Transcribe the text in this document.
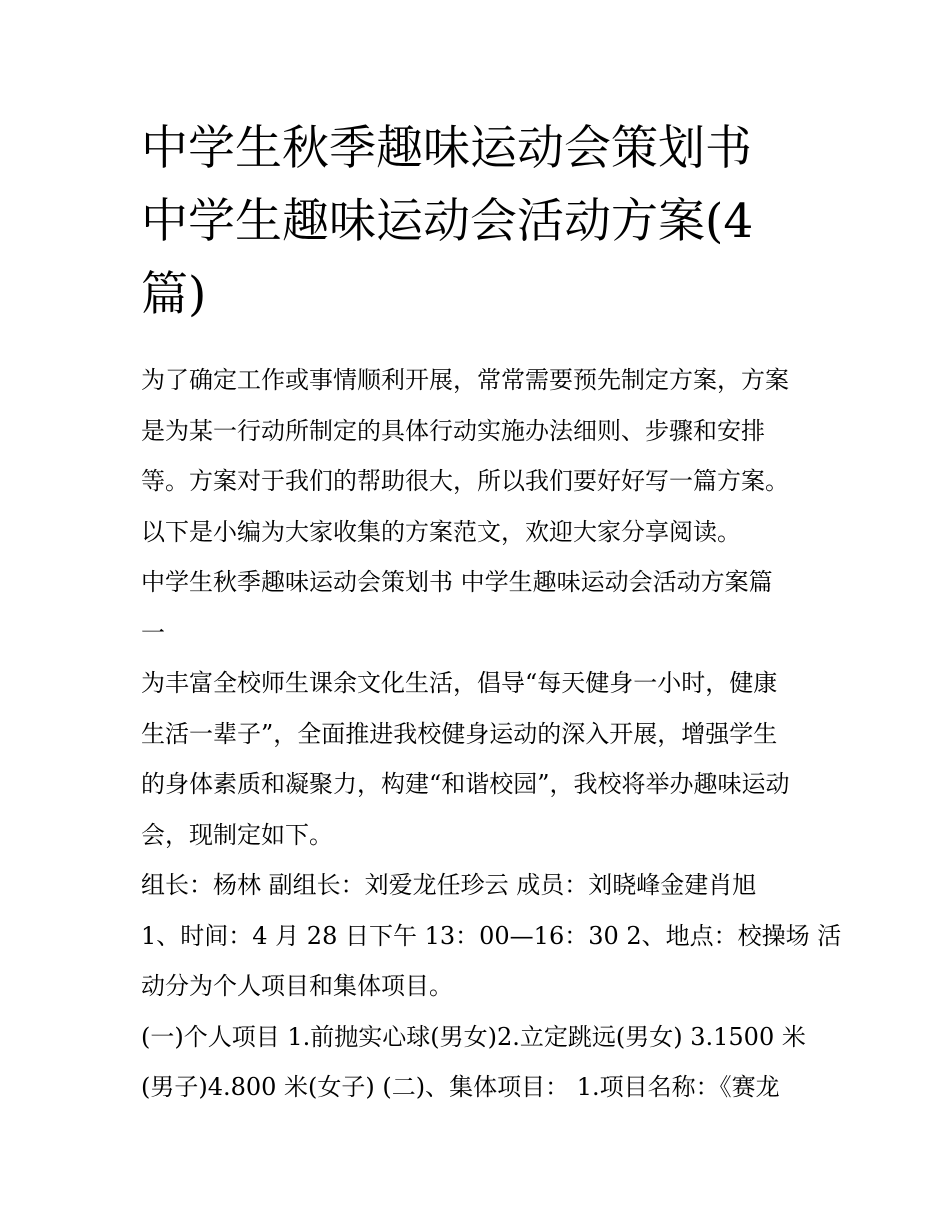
中学生秋季趣味运动会策划书
中学生趣味运动会活动方案(4
篇)
为了确定工作或事情顺利开展，常常需要预先制定方案，方案
是为某一行动所制定的具体行动实施办法细则、步骤和安排
等。方案对于我们的帮助很大，所以我们要好好写一篇方案。
以下是小编为大家收集的方案范文，欢迎大家分享阅读。
中学生秋季趣味运动会策划书 中学生趣味运动会活动方案篇
一
为丰富全校师生课余文化生活，倡导“每天健身一小时，健康
生活一辈子”，全面推进我校健身运动的深入开展，增强学生
的身体素质和凝聚力，构建“和谐校园”，我校将举办趣味运动
会，现制定如下。
组长：杨林 副组长：刘爱龙任珍云 成员：刘晓峰金建肖旭
1、时间：4 月 28 日下午 13：00—16：30 2、地点：校操场 活
动分为个人项目和集体项目。
(一)个人项目 1.前抛实心球(男女)2.立定跳远(男女) 3.1500 米
(男子)4.800 米(女子) (二)、集体项目： 1.项目名称：《赛龙
